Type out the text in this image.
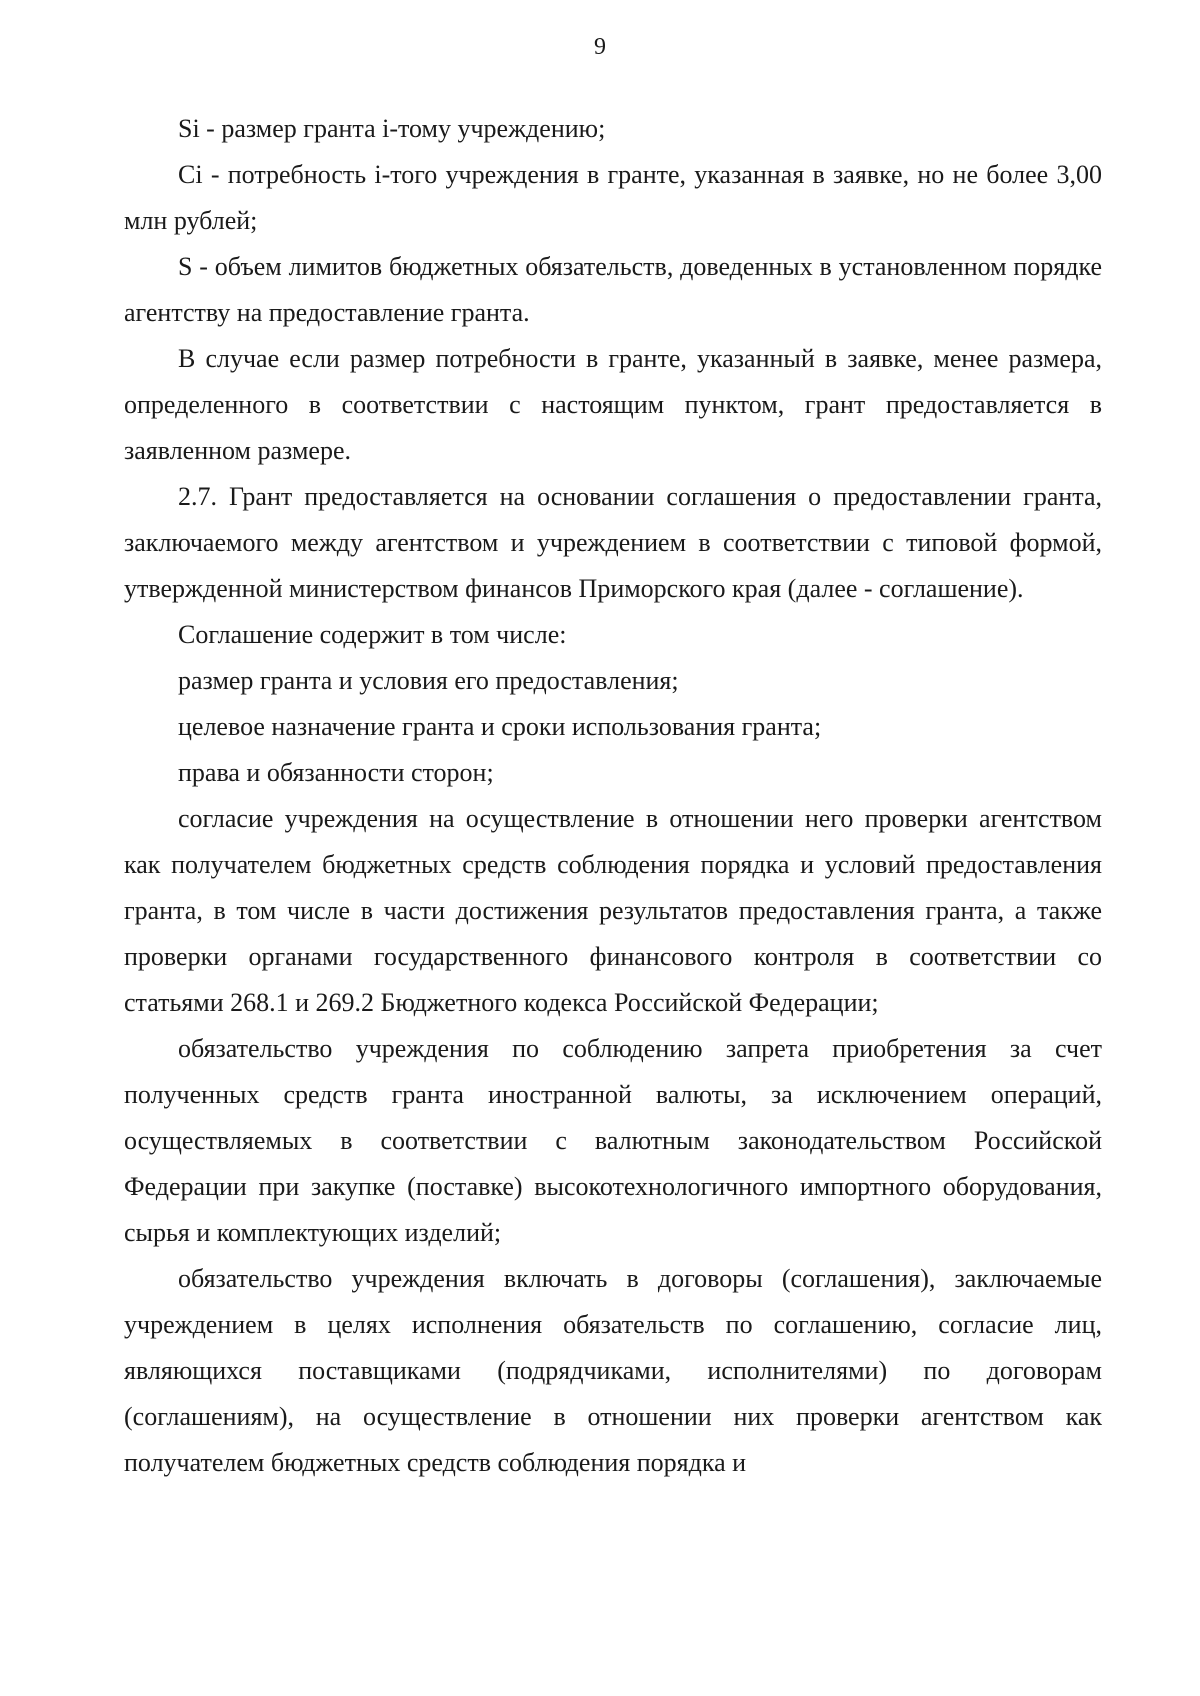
9

Si - размер гранта i-тому учреждению;

Ci - потребность i-того учреждения в гранте, указанная в заявке, но не более 3,00 млн рублей;

S - объем лимитов бюджетных обязательств, доведенных в установленном порядке агентству на предоставление гранта.

В случае если размер потребности в гранте, указанный в заявке, менее размера, определенного в соответствии с настоящим пунктом, грант предоставляется в заявленном размере.

2.7. Грант предоставляется на основании соглашения о предоставлении гранта, заключаемого между агентством и учреждением в соответствии с типовой формой, утвержденной министерством финансов Приморского края (далее - соглашение).

Соглашение содержит в том числе:

размер гранта и условия его предоставления;

целевое назначение гранта и сроки использования гранта;

права и обязанности сторон;

согласие учреждения на осуществление в отношении него проверки агентством как получателем бюджетных средств соблюдения порядка и условий предоставления гранта, в том числе в части достижения результатов предоставления гранта, а также проверки органами государственного финансового контроля в соответствии со статьями 268.1 и 269.2 Бюджетного кодекса Российской Федерации;

обязательство учреждения по соблюдению запрета приобретения за счет полученных средств гранта иностранной валюты, за исключением операций, осуществляемых в соответствии с валютным законодательством Российской Федерации при закупке (поставке) высокотехнологичного импортного оборудования, сырья и комплектующих изделий;

обязательство учреждения включать в договоры (соглашения), заключаемые учреждением в целях исполнения обязательств по соглашению, согласие лиц, являющихся поставщиками (подрядчиками, исполнителями) по договорам (соглашениям), на осуществление в отношении них проверки агентством как получателем бюджетных средств соблюдения порядка и
